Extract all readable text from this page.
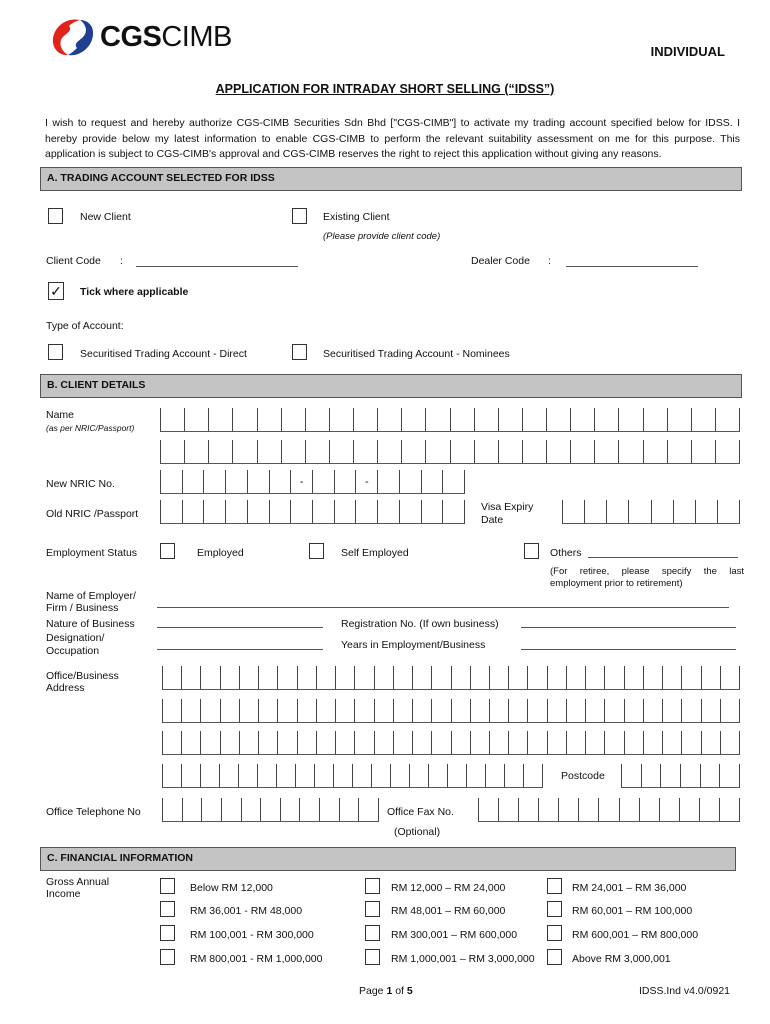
CGSCIMB	INDIVIDUAL
APPLICATION FOR INTRADAY SHORT SELLING (“IDSS”)
I wish to request and hereby authorize CGS-CIMB Securities Sdn Bhd ["CGS-CIMB"] to activate my trading account specified below for IDSS. I hereby provide below my latest information to enable CGS-CIMB to perform the relevant suitability assessment on me for this purpose. This application is subject to CGS-CIMB's approval and CGS-CIMB reserves the right to reject this application without giving any reasons.
A. TRADING ACCOUNT SELECTED FOR IDSS
New Client	Existing Client
(Please provide client code)
Client Code :	Dealer Code :
✓ Tick where applicable
Type of Account:
Securitised Trading Account - Direct	Securitised Trading Account - Nominees
B. CLIENT DETAILS
Name
(as per NRIC/Passport)
New NRIC No.	-	-
Old NRIC /Passport
Visa Expiry
Date
Employment Status	Employed	Self Employed	Others
(For retiree, please specify the last employment prior to retirement)
Name of Employer/
Firm / Business
Nature of Business	Registration No. (If own business)
Designation/
Occupation	Years in Employment/Business
Office/Business
Address
Postcode
Office Telephone No	Office Fax No.
(Optional)
C. FINANCIAL INFORMATION
Gross Annual
Income	Below RM 12,000	RM 12,000 – RM 24,000	RM 24,001 – RM 36,000
RM 36,001 - RM 48,000	RM 48,001 – RM 60,000	RM 60,001 – RM 100,000
RM 100,001 - RM 300,000	RM 300,001 – RM 600,000	RM 600,001 – RM 800,000
RM 800,001 - RM 1,000,000	RM 1,000,001 – RM 3,000,000	Above RM 3,000,001
Page 1 of 5	IDSS.Ind v4.0/0921
